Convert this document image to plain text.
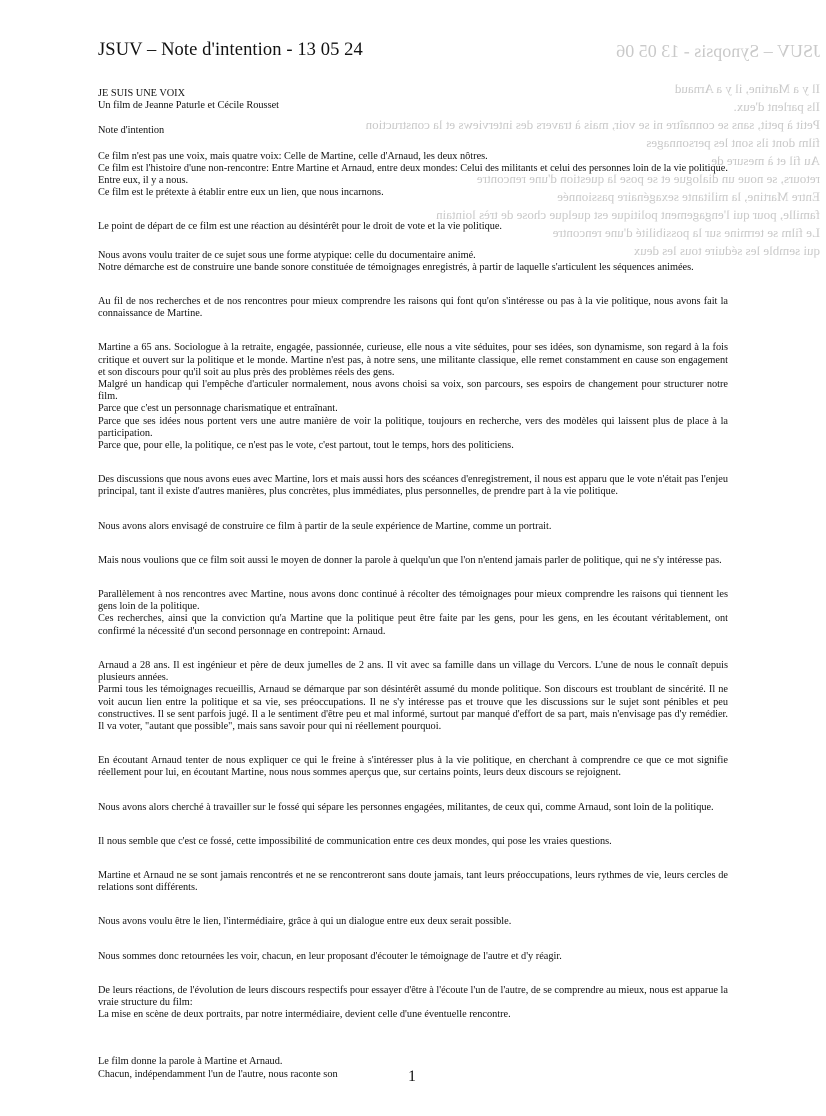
JSUV – Synopsis - 13 05 06
Il y a Martine, il y a Arnaud
Ils parlent d'eux.
Petit à petit, sans se connaître ni se voir, mais à travers des interviews et la construction
film dont ils sont les personnages
Au fil et à mesure de
retours, se noue un dialogue et se pose la question d'une rencontre
Entre Martine, la militante sexagénaire passionnée
famille, pour qui l'engagement politique est quelque chose de très lointain
Le film se termine sur la possibilité d'une rencontre
qui semble les séduire tous les deux
JSUV – Note d'intention - 13 05 24

JE SUIS UNE VOIX

Un film de Jeanne Paturle et Cécile Rousset

Note d'intention

Ce film n'est pas une voix, mais quatre voix: Celle de Martine, celle d'Arnaud, les deux nôtres.

Ce film est l'histoire d'une non-rencontre: Entre Martine et Arnaud, entre deux mondes: Celui des militants et celui des personnes loin de la vie politique.

Entre eux, il y a nous.

Ce film est le prétexte à établir entre eux un lien, que nous incarnons.

Le point de départ de ce film est une réaction au désintérêt pour le droit de vote et la vie politique.

Nous avons voulu traiter de ce sujet sous une forme atypique: celle du documentaire animé.

Notre démarche est de construire une bande sonore constituée de témoignages enregistrés, à partir de laquelle s'articulent les séquences animées.

Au fil de nos recherches et de nos rencontres pour mieux comprendre les raisons qui font qu'on s'intéresse ou pas à la vie politique, nous avons fait la connaissance de Martine.

Martine a 65 ans. Sociologue à la retraite, engagée, passionnée, curieuse, elle nous a vite séduites, pour ses idées, son dynamisme, son regard à la fois critique et ouvert sur la politique et le monde. Martine n'est pas, à notre sens, une militante classique, elle remet constamment en cause son engagement et son discours pour qu'il soit au plus près des problèmes réels des gens.

Malgré un handicap qui l'empêche d'articuler normalement, nous avons choisi sa voix, son parcours, ses espoirs de changement pour structurer notre film.

Parce que c'est un personnage charismatique et entraînant.

Parce que ses idées nous portent vers une autre manière de voir la politique, toujours en recherche, vers des modèles qui laissent plus de place à la participation.

Parce que, pour elle, la politique, ce n'est pas le vote, c'est partout, tout le temps, hors des politiciens.

Des discussions que nous avons eues avec Martine, lors et mais aussi hors des scéances d'enregistrement, il nous est apparu que le vote n'était pas l'enjeu principal, tant il existe d'autres manières, plus concrètes, plus immédiates, plus personnelles, de prendre part à la vie politique.

Nous avons alors envisagé de construire ce film à partir de la seule expérience de Martine, comme un portrait.

Mais nous voulions que ce film soit aussi le moyen de donner la parole à quelqu'un que l'on n'entend jamais parler de politique, qui ne s'y intéresse pas.

Parallèlement à nos rencontres avec Martine, nous avons donc continué à récolter des témoignages pour mieux comprendre les raisons qui tiennent les gens loin de la politique.

Ces recherches, ainsi que la conviction qu'a Martine que la politique peut être faite par les gens, pour les gens, en les écoutant véritablement, ont confirmé la nécessité d'un second personnage en contrepoint: Arnaud.

Arnaud a 28 ans. Il est ingénieur et père de deux jumelles de 2 ans. Il vit avec sa famille dans un village du Vercors. L'une de nous le connaît depuis plusieurs années.

Parmi tous les témoignages recueillis, Arnaud se démarque par son désintérêt assumé du monde politique. Son discours est troublant de sincérité. Il ne voit aucun lien entre la politique et sa vie, ses préoccupations. Il ne s'y intéresse pas et trouve que les discussions sur le sujet sont pénibles et peu constructives. Il se sent parfois jugé. Il a le sentiment d'être peu et mal informé, surtout par manqué d'effort de sa part, mais n'envisage pas d'y remédier. Il va voter, "autant que possible", mais sans savoir pour qui ni réellement pourquoi.

En écoutant Arnaud tenter de nous expliquer ce qui le freine à s'intéresser plus à la vie politique, en cherchant à comprendre ce que ce mot signifie réellement pour lui, en écoutant Martine, nous nous sommes aperçus que, sur certains points, leurs deux discours se rejoignent.

Nous avons alors cherché à travailler sur le fossé qui sépare les personnes engagées, militantes, de ceux qui, comme Arnaud, sont loin de la politique.

Il nous semble que c'est ce fossé, cette impossibilité de communication entre ces deux mondes, qui pose les vraies questions.

Martine et Arnaud ne se sont jamais rencontrés et ne se rencontreront sans doute jamais, tant leurs préoccupations, leurs rythmes de vie, leurs cercles de relations sont différents.

Nous avons voulu être le lien, l'intermédiaire, grâce à qui un dialogue entre eux deux serait possible.

Nous sommes donc retournées les voir, chacun, en leur proposant d'écouter le témoignage de l'autre et d'y réagir.

De leurs réactions, de l'évolution de leurs discours respectifs pour essayer d'être à l'écoute l'un de l'autre, de se comprendre au mieux, nous est apparue la vraie structure du film:

La mise en scène de deux portraits, par notre intermédiaire, devient celle d'une éventuelle rencontre.

Le film donne la parole à Martine et Arnaud.

Chacun, indépendamment l'un de l'autre, nous raconte son	1
